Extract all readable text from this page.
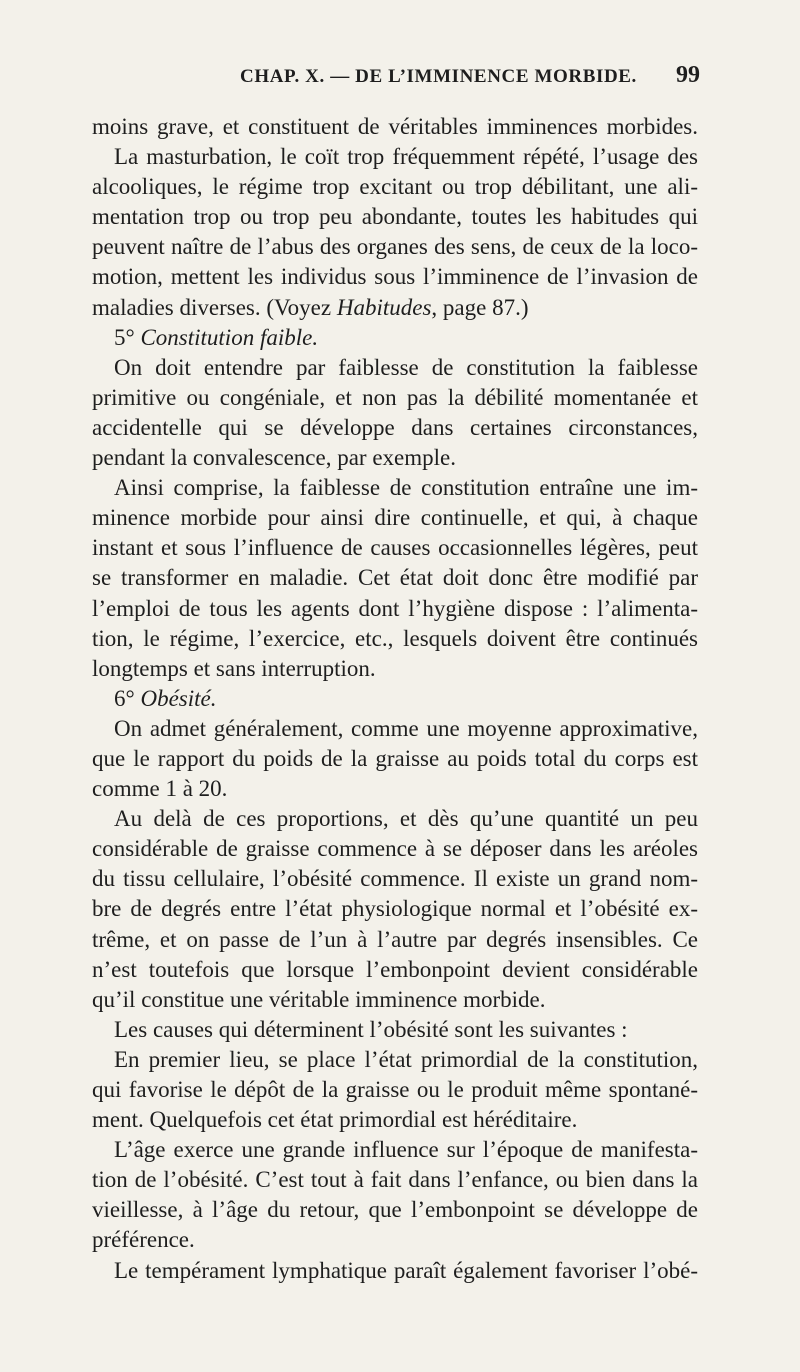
CHAP. X. — DE L’IMMINENCE MORBIDE. 99
moins grave, et constituent de véritables imminences morbides.
La masturbation, le coït trop fréquemment répété, l’usage des
alcooliques, le régime trop excitant ou trop débilitant, une ali-
mentation trop ou trop peu abondante, toutes les habitudes qui
peuvent naître de l’abus des organes des sens, de ceux de la loco-
motion, mettent les individus sous l’imminence de l’invasion de
maladies diverses. (Voyez Habitudes, page 87.)
5° Constitution faible.
On doit entendre par faiblesse de constitution la faiblesse
primitive ou congéniale, et non pas la débilité momentanée et
accidentelle qui se développe dans certaines circonstances,
pendant la convalescence, par exemple.
Ainsi comprise, la faiblesse de constitution entraîne une im-
minence morbide pour ainsi dire continuelle, et qui, à chaque
instant et sous l’influence de causes occasionnelles légères, peut
se transformer en maladie. Cet état doit donc être modifié par
l’emploi de tous les agents dont l’hygiène dispose : l’alimenta-
tion, le régime, l’exercice, etc., lesquels doivent être continués
longtemps et sans interruption.
6° Obésité.
On admet généralement, comme une moyenne approximative,
que le rapport du poids de la graisse au poids total du corps est
comme 1 à 20.
Au delà de ces proportions, et dès qu’une quantité un peu
considérable de graisse commence à se déposer dans les aréoles
du tissu cellulaire, l’obésité commence. Il existe un grand nom-
bre de degrés entre l’état physiologique normal et l’obésité ex-
trême, et on passe de l’un à l’autre par degrés insensibles. Ce
n’est toutefois que lorsque l’embonpoint devient considérable
qu’il constitue une véritable imminence morbide.
Les causes qui déterminent l’obésité sont les suivantes :
En premier lieu, se place l’état primordial de la constitution,
qui favorise le dépôt de la graisse ou le produit même spontané-
ment. Quelquefois cet état primordial est héréditaire.
L’âge exerce une grande influence sur l’époque de manifesta-
tion de l’obésité. C’est tout à fait dans l’enfance, ou bien dans la
vieillesse, à l’âge du retour, que l’embonpoint se développe de
préférence.
Le tempérament lymphatique paraît également favoriser l’obé-
